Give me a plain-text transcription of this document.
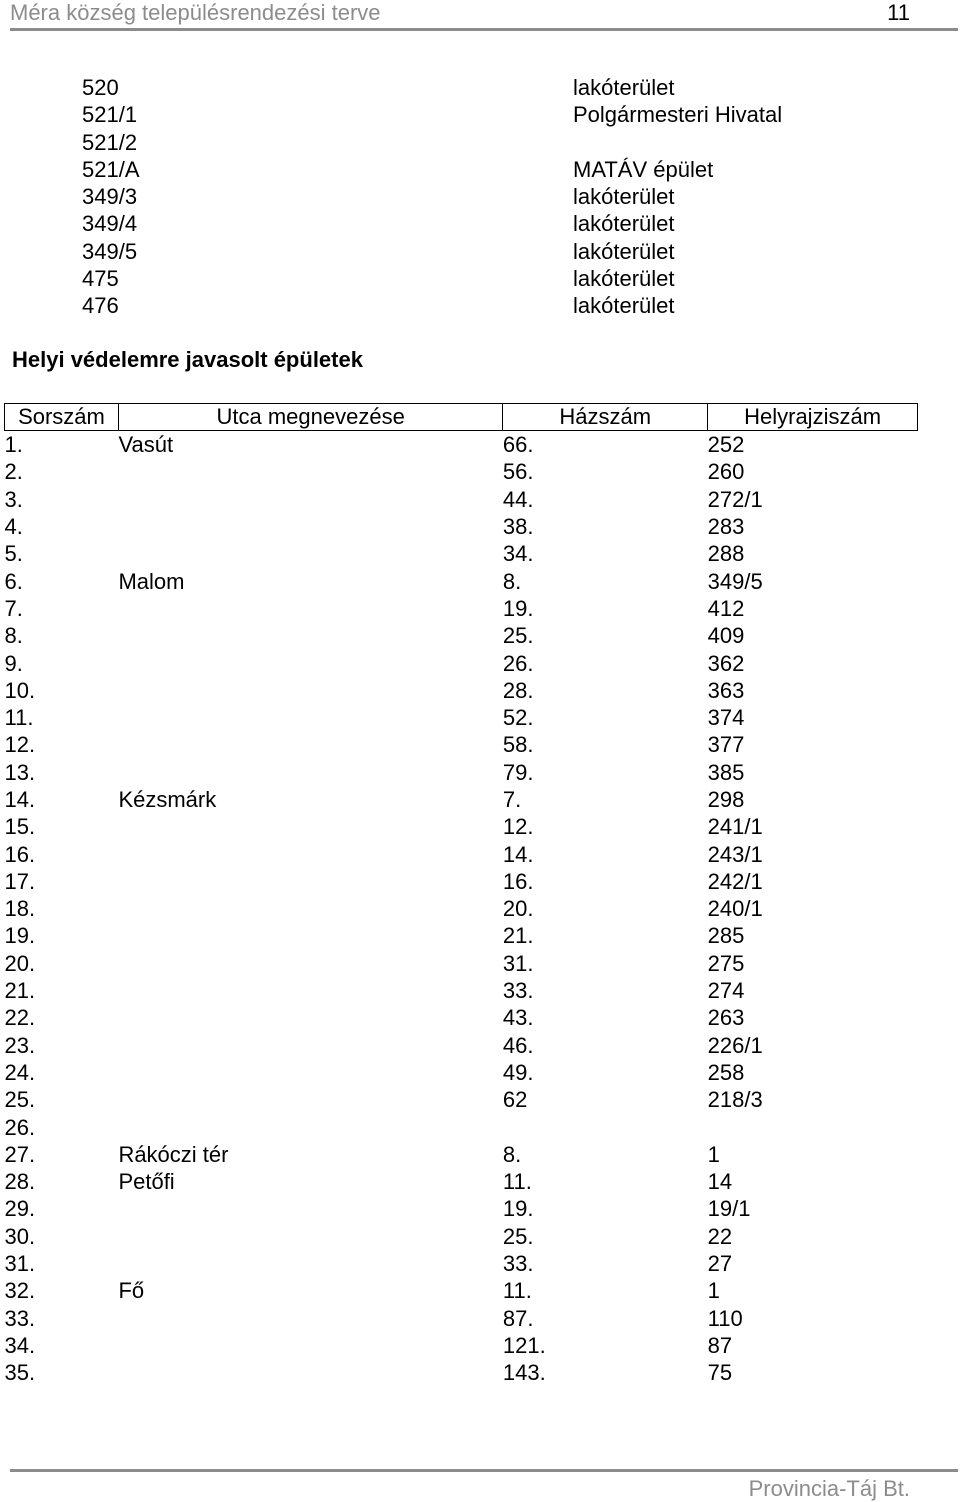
Méra község településrendezési terve	11
520	lakóterület
521/1	Polgármesteri Hivatal
521/2
521/A	MATÁV épület
349/3	lakóterület
349/4	lakóterület
349/5	lakóterület
475	lakóterület
476	lakóterület
Helyi védelemre javasolt épületek
Sorszám	Utca megnevezése	Házszám	Helyrajziszám
1.	Vasút	66.	252
2.		56.	260
3.		44.	272/1
4.		38.	283
5.		34.	288
6.	Malom	8.	349/5
7.		19.	412
8.		25.	409
9.		26.	362
10.		28.	363
11.		52.	374
12.		58.	377
13.		79.	385
14.	Kézsmárk	7.	298
15.		12.	241/1
16.		14.	243/1
17.		16.	242/1
18.		20.	240/1
19.		21.	285
20.		31.	275
21.		33.	274
22.		43.	263
23.		46.	226/1
24.		49.	258
25.		62	218/3
26.			
27.	Rákóczi tér	8.	1
28.	Petőfi	11.	14
29.		19.	19/1
30.		25.	22
31.		33.	27
32.	Fő	11.	1
33.		87.	110
34.		121.	87
35.		143.	75
Provincia-Táj Bt.
